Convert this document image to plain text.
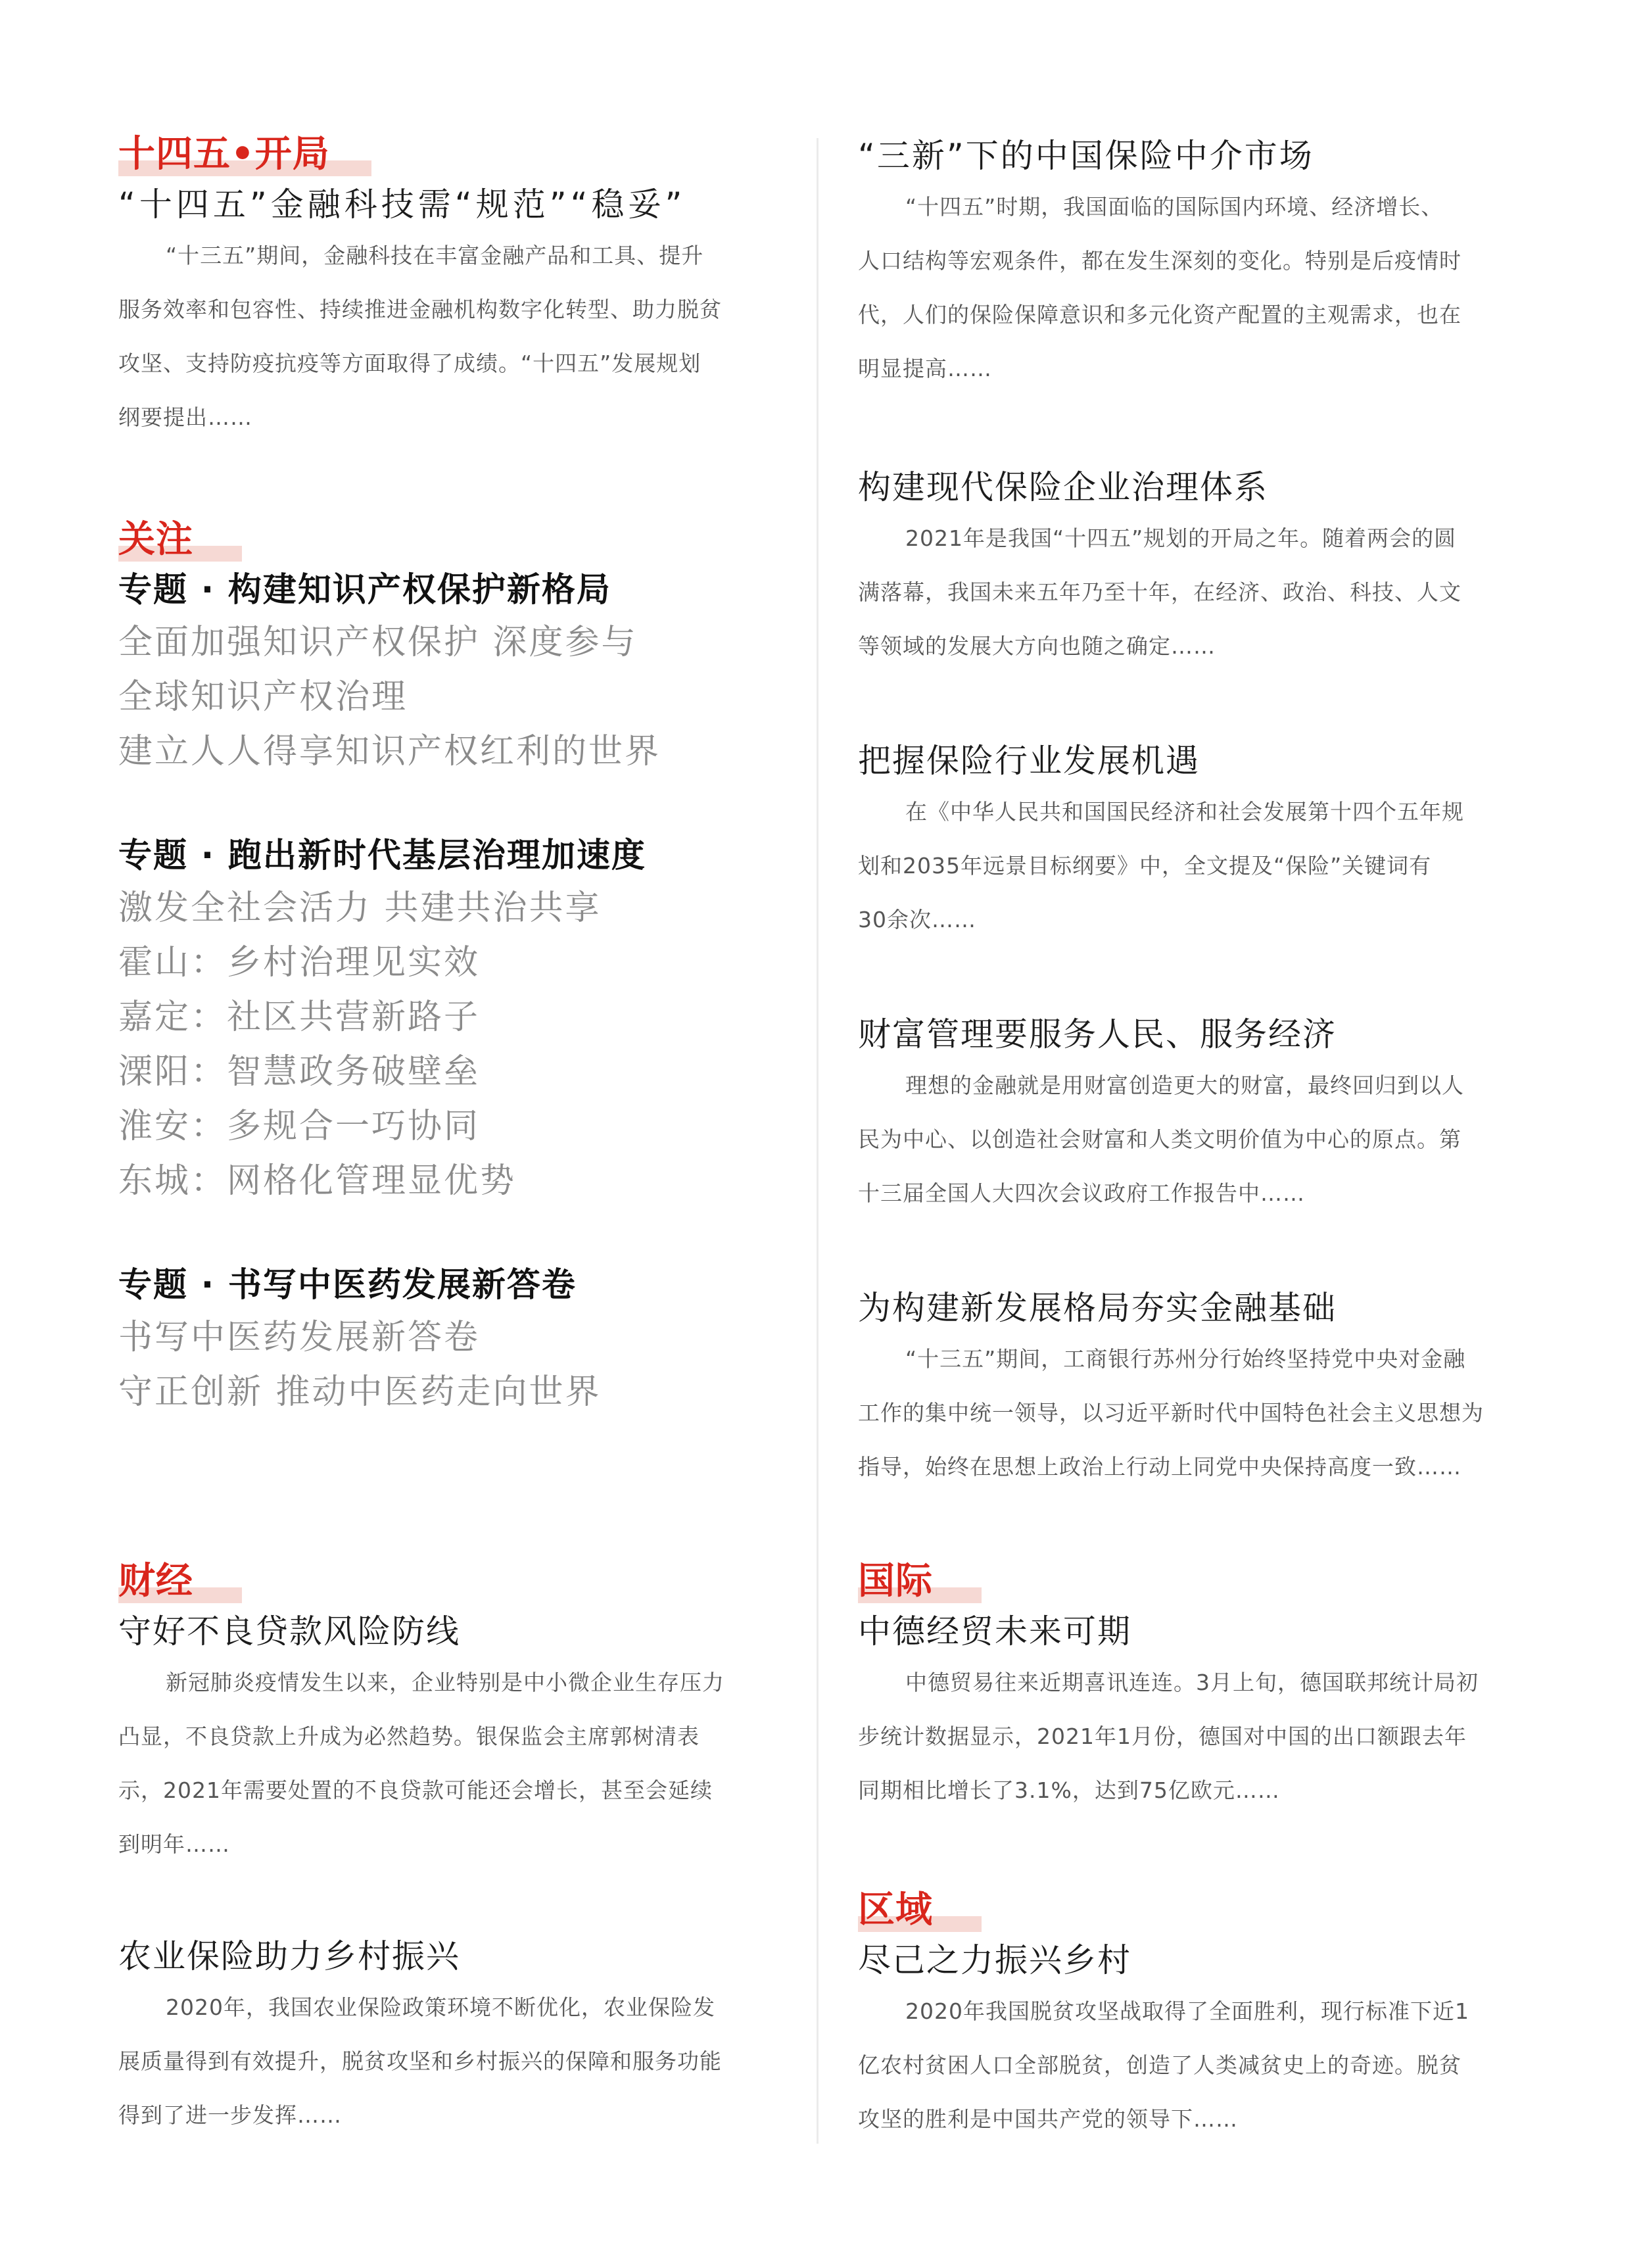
十四五•开局
“十四五”金融科技需“规范”“稳妥”
“十三五”期间，金融科技在丰富金融产品和工具、提升
服务效率和包容性、持续推进金融机构数字化转型、助力脱贫
攻坚、支持防疫抗疫等方面取得了成绩。“十四五”发展规划
纲要提出……
关注
专题 · 构建知识产权保护新格局
全面加强知识产权保护 深度参与
全球知识产权治理
建立人人得享知识产权红利的世界
专题 · 跑出新时代基层治理加速度
激发全社会活力 共建共治共享
霍山：乡村治理见实效
嘉定：社区共营新路子
溧阳：智慧政务破壁垒
淮安：多规合一巧协同
东城：网格化管理显优势
专题 · 书写中医药发展新答卷
书写中医药发展新答卷
守正创新 推动中医药走向世界
财经
守好不良贷款风险防线
新冠肺炎疫情发生以来，企业特别是中小微企业生存压力
凸显，不良贷款上升成为必然趋势。银保监会主席郭树清表
示，2021年需要处置的不良贷款可能还会增长，甚至会延续
到明年……
农业保险助力乡村振兴
2020年，我国农业保险政策环境不断优化，农业保险发
展质量得到有效提升，脱贫攻坚和乡村振兴的保障和服务功能
得到了进一步发挥……
“三新”下的中国保险中介市场
“十四五”时期，我国面临的国际国内环境、经济增长、
人口结构等宏观条件，都在发生深刻的变化。特别是后疫情时
代，人们的保险保障意识和多元化资产配置的主观需求，也在
明显提高……
构建现代保险企业治理体系
2021年是我国“十四五”规划的开局之年。随着两会的圆
满落幕，我国未来五年乃至十年，在经济、政治、科技、人文
等领域的发展大方向也随之确定……
把握保险行业发展机遇
在《中华人民共和国国民经济和社会发展第十四个五年规
划和2035年远景目标纲要》中，全文提及“保险”关键词有
30余次……
财富管理要服务人民、服务经济
理想的金融就是用财富创造更大的财富，最终回归到以人
民为中心、以创造社会财富和人类文明价值为中心的原点。第
十三届全国人大四次会议政府工作报告中……
为构建新发展格局夯实金融基础
“十三五”期间，工商银行苏州分行始终坚持党中央对金融
工作的集中统一领导，以习近平新时代中国特色社会主义思想为
指导，始终在思想上政治上行动上同党中央保持高度一致……
国际
中德经贸未来可期
中德贸易往来近期喜讯连连。3月上旬，德国联邦统计局初
步统计数据显示，2021年1月份，德国对中国的出口额跟去年
同期相比增长了3.1%，达到75亿欧元……
区域
尽己之力振兴乡村
2020年我国脱贫攻坚战取得了全面胜利，现行标准下近1
亿农村贫困人口全部脱贫，创造了人类减贫史上的奇迹。脱贫
攻坚的胜利是中国共产党的领导下……
